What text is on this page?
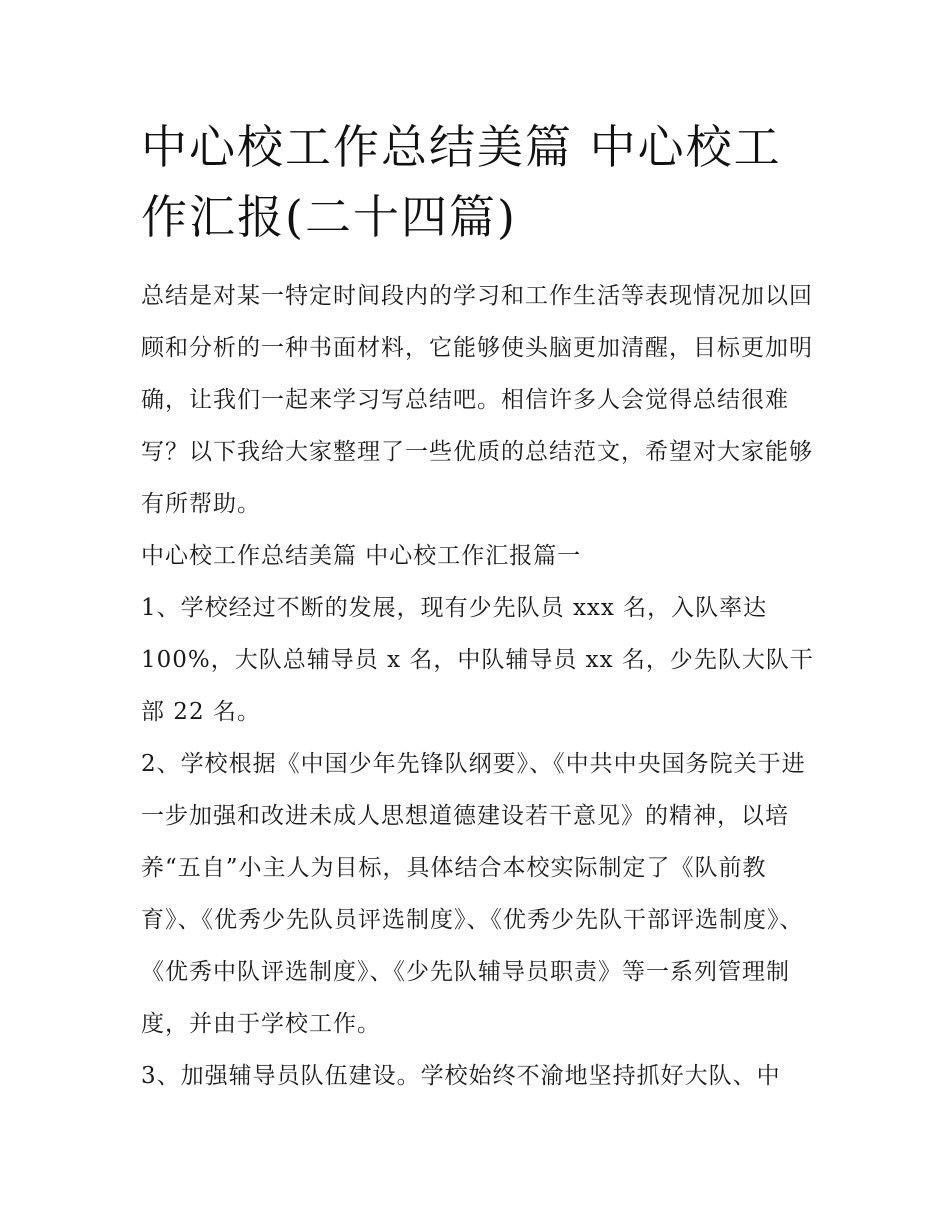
中心校工作总结美篇 中心校工作汇报(二十四篇)

总结是对某一特定时间段内的学习和工作生活等表现情况加以回顾和分析的一种书面材料，它能够使头脑更加清醒，目标更加明确，让我们一起来学习写总结吧。相信许多人会觉得总结很难写？以下我给大家整理了一些优质的总结范文，希望对大家能够有所帮助。

中心校工作总结美篇 中心校工作汇报篇一

1、学校经过不断的发展，现有少先队员 xxx 名，入队率达 100%，大队总辅导员 x 名，中队辅导员 xx 名，少先队大队干部 22 名。

2、学校根据《中国少年先锋队纲要》、《中共中央国务院关于进一步加强和改进未成人思想道德建设若干意见》的精神，以培养“五自”小主人为目标，具体结合本校实际制定了《队前教育》、《优秀少先队员评选制度》、《优秀少先队干部评选制度》、《优秀中队评选制度》、《少先队辅导员职责》等一系列管理制度，并由于学校工作。

3、加强辅导员队伍建设。学校始终不渝地坚持抓好大队、中
